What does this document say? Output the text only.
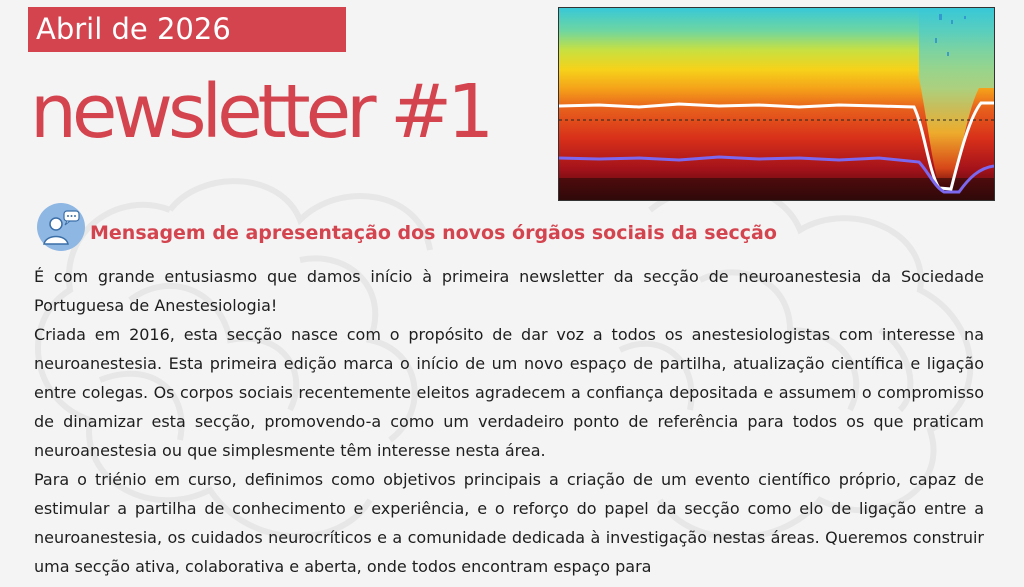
Abril de 2026
newsletter #1
Mensagem de apresentação dos novos órgãos sociais da secção

É com grande entusiasmo que damos início à primeira newsletter da secção de neuroanestesia da Sociedade Portuguesa de Anestesiologia!

Criada em 2016, esta secção nasce com o propósito de dar voz a todos os anestesiologistas com interesse na neuroanestesia. Esta primeira edição marca o início de um novo espaço de partilha, atualização científica e ligação entre colegas. Os corpos sociais recentemente eleitos agradecem a confiança depositada e assumem o compromisso de dinamizar esta secção, promovendo-a como um verdadeiro ponto de referência para todos os que praticam neuroanestesia ou que simplesmente têm interesse nesta área.

Para o triénio em curso, definimos como objetivos principais a criação de um evento científico próprio, capaz de estimular a partilha de conhecimento e experiência, e o reforço do papel da secção como elo de ligação entre a neuroanestesia, os cuidados neurocríticos e a comunidade dedicada à investigação nestas áreas. Queremos construir uma secção ativa, colaborativa e aberta, onde todos encontram espaço para
